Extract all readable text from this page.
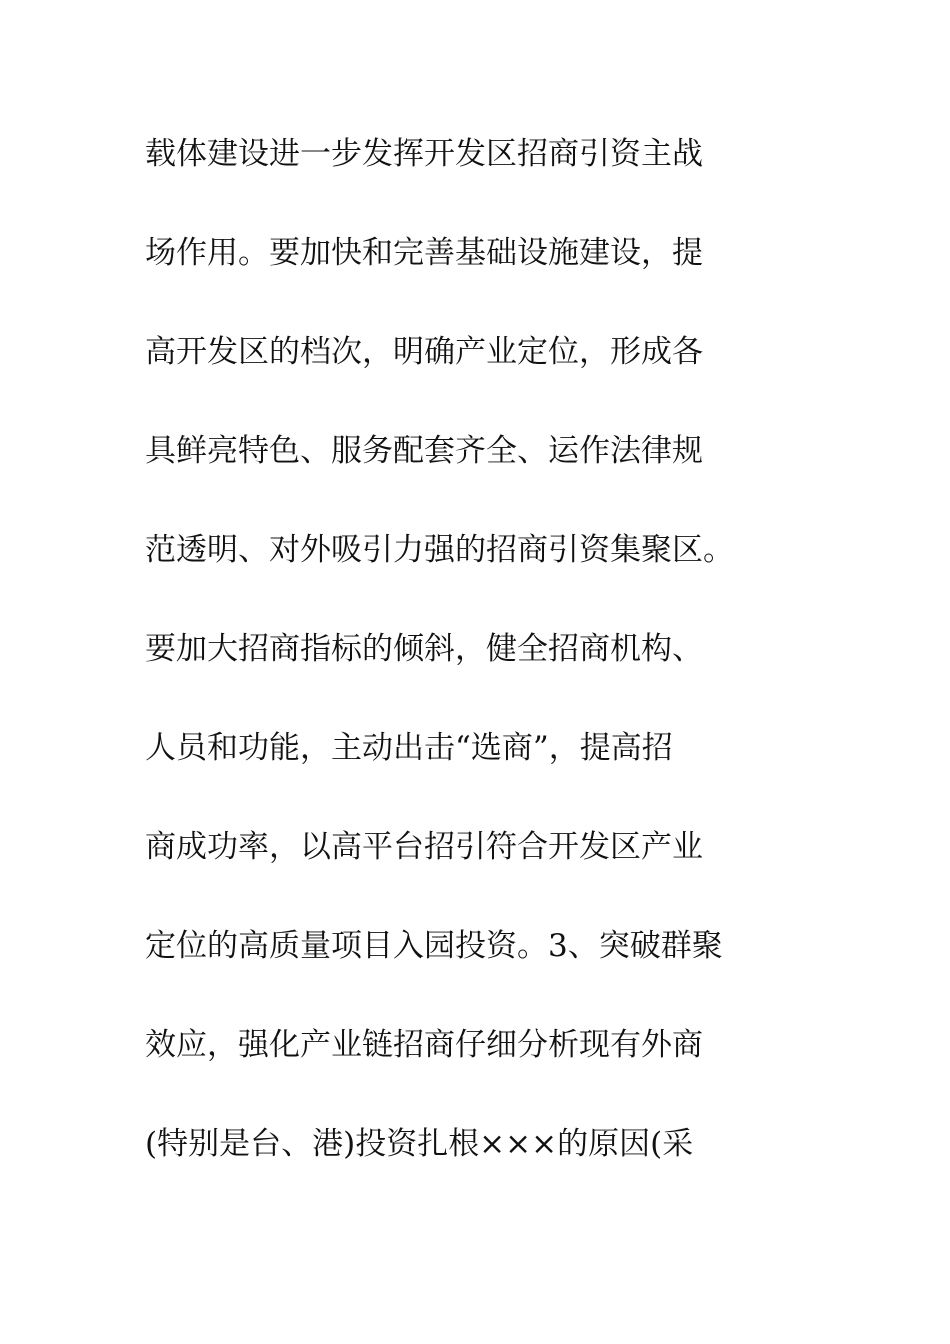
载体建设进一步发挥开发区招商引资主战
场作用。要加快和完善基础设施建设，提
高开发区的档次，明确产业定位，形成各
具鲜亮特色、服务配套齐全、运作法律规
范透明、对外吸引力强的招商引资集聚区。
要加大招商指标的倾斜，健全招商机构、
人员和功能，主动出击“选商”，提高招
商成功率，以高平台招引符合开发区产业
定位的高质量项目入园投资。3、突破群聚
效应，强化产业链招商仔细分析现有外商
(特别是台、港)投资扎根×××的原因(采
